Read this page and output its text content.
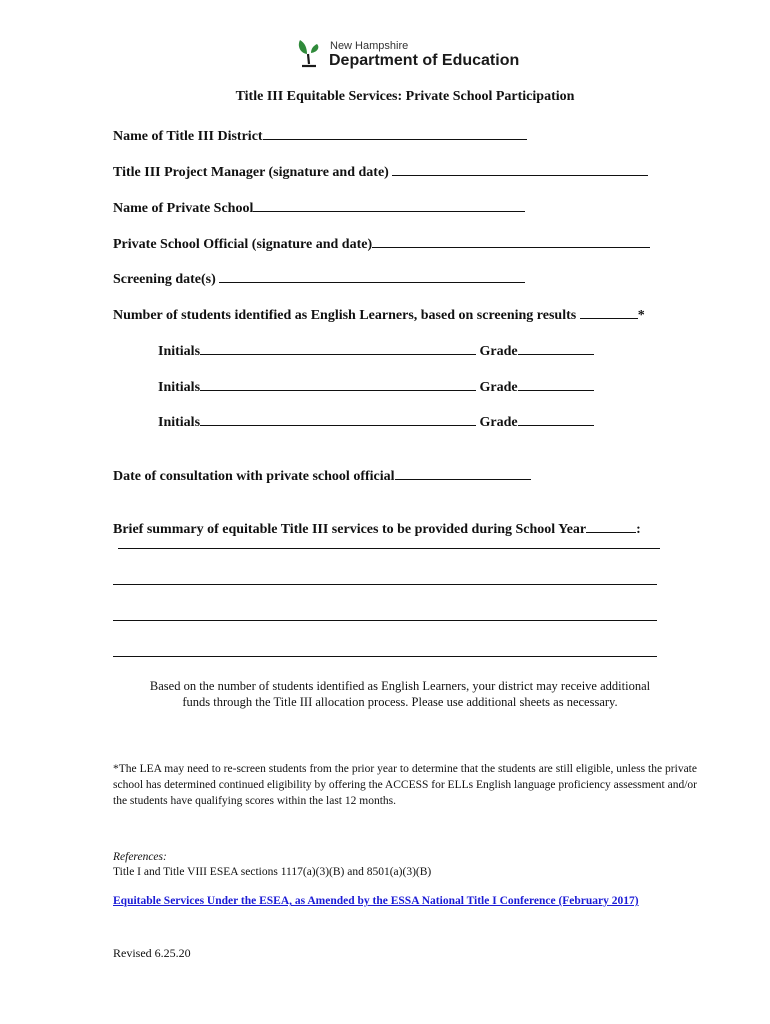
New Hampshire
Department of Education
Title III Equitable Services: Private School Participation
Name of Title III District
Title III Project Manager (signature and date)
Name of Private School
Private School Official (signature and date)
Screening date(s)
Number of students identified as English Learners, based on screening results	*
Initials	Grade
Initials	Grade
Initials	Grade
Date of consultation with private school official
Brief summary of equitable Title III services to be provided during School Year	:
Based on the number of students identified as English Learners, your district may receive additional
funds through the Title III allocation process. Please use additional sheets as necessary.
*The LEA may need to re-screen students from the prior year to determine that the students are still eligible, unless the private school has determined continued eligibility by offering the ACCESS for ELLs English language proficiency assessment and/or the students have qualifying scores within the last 12 months.
References:
Title I and Title VIII ESEA sections 1117(a)(3)(B) and 8501(a)(3)(B)
Equitable Services Under the ESEA, as Amended by the ESSA National Title I Conference (February 2017)
Revised 6.25.20
